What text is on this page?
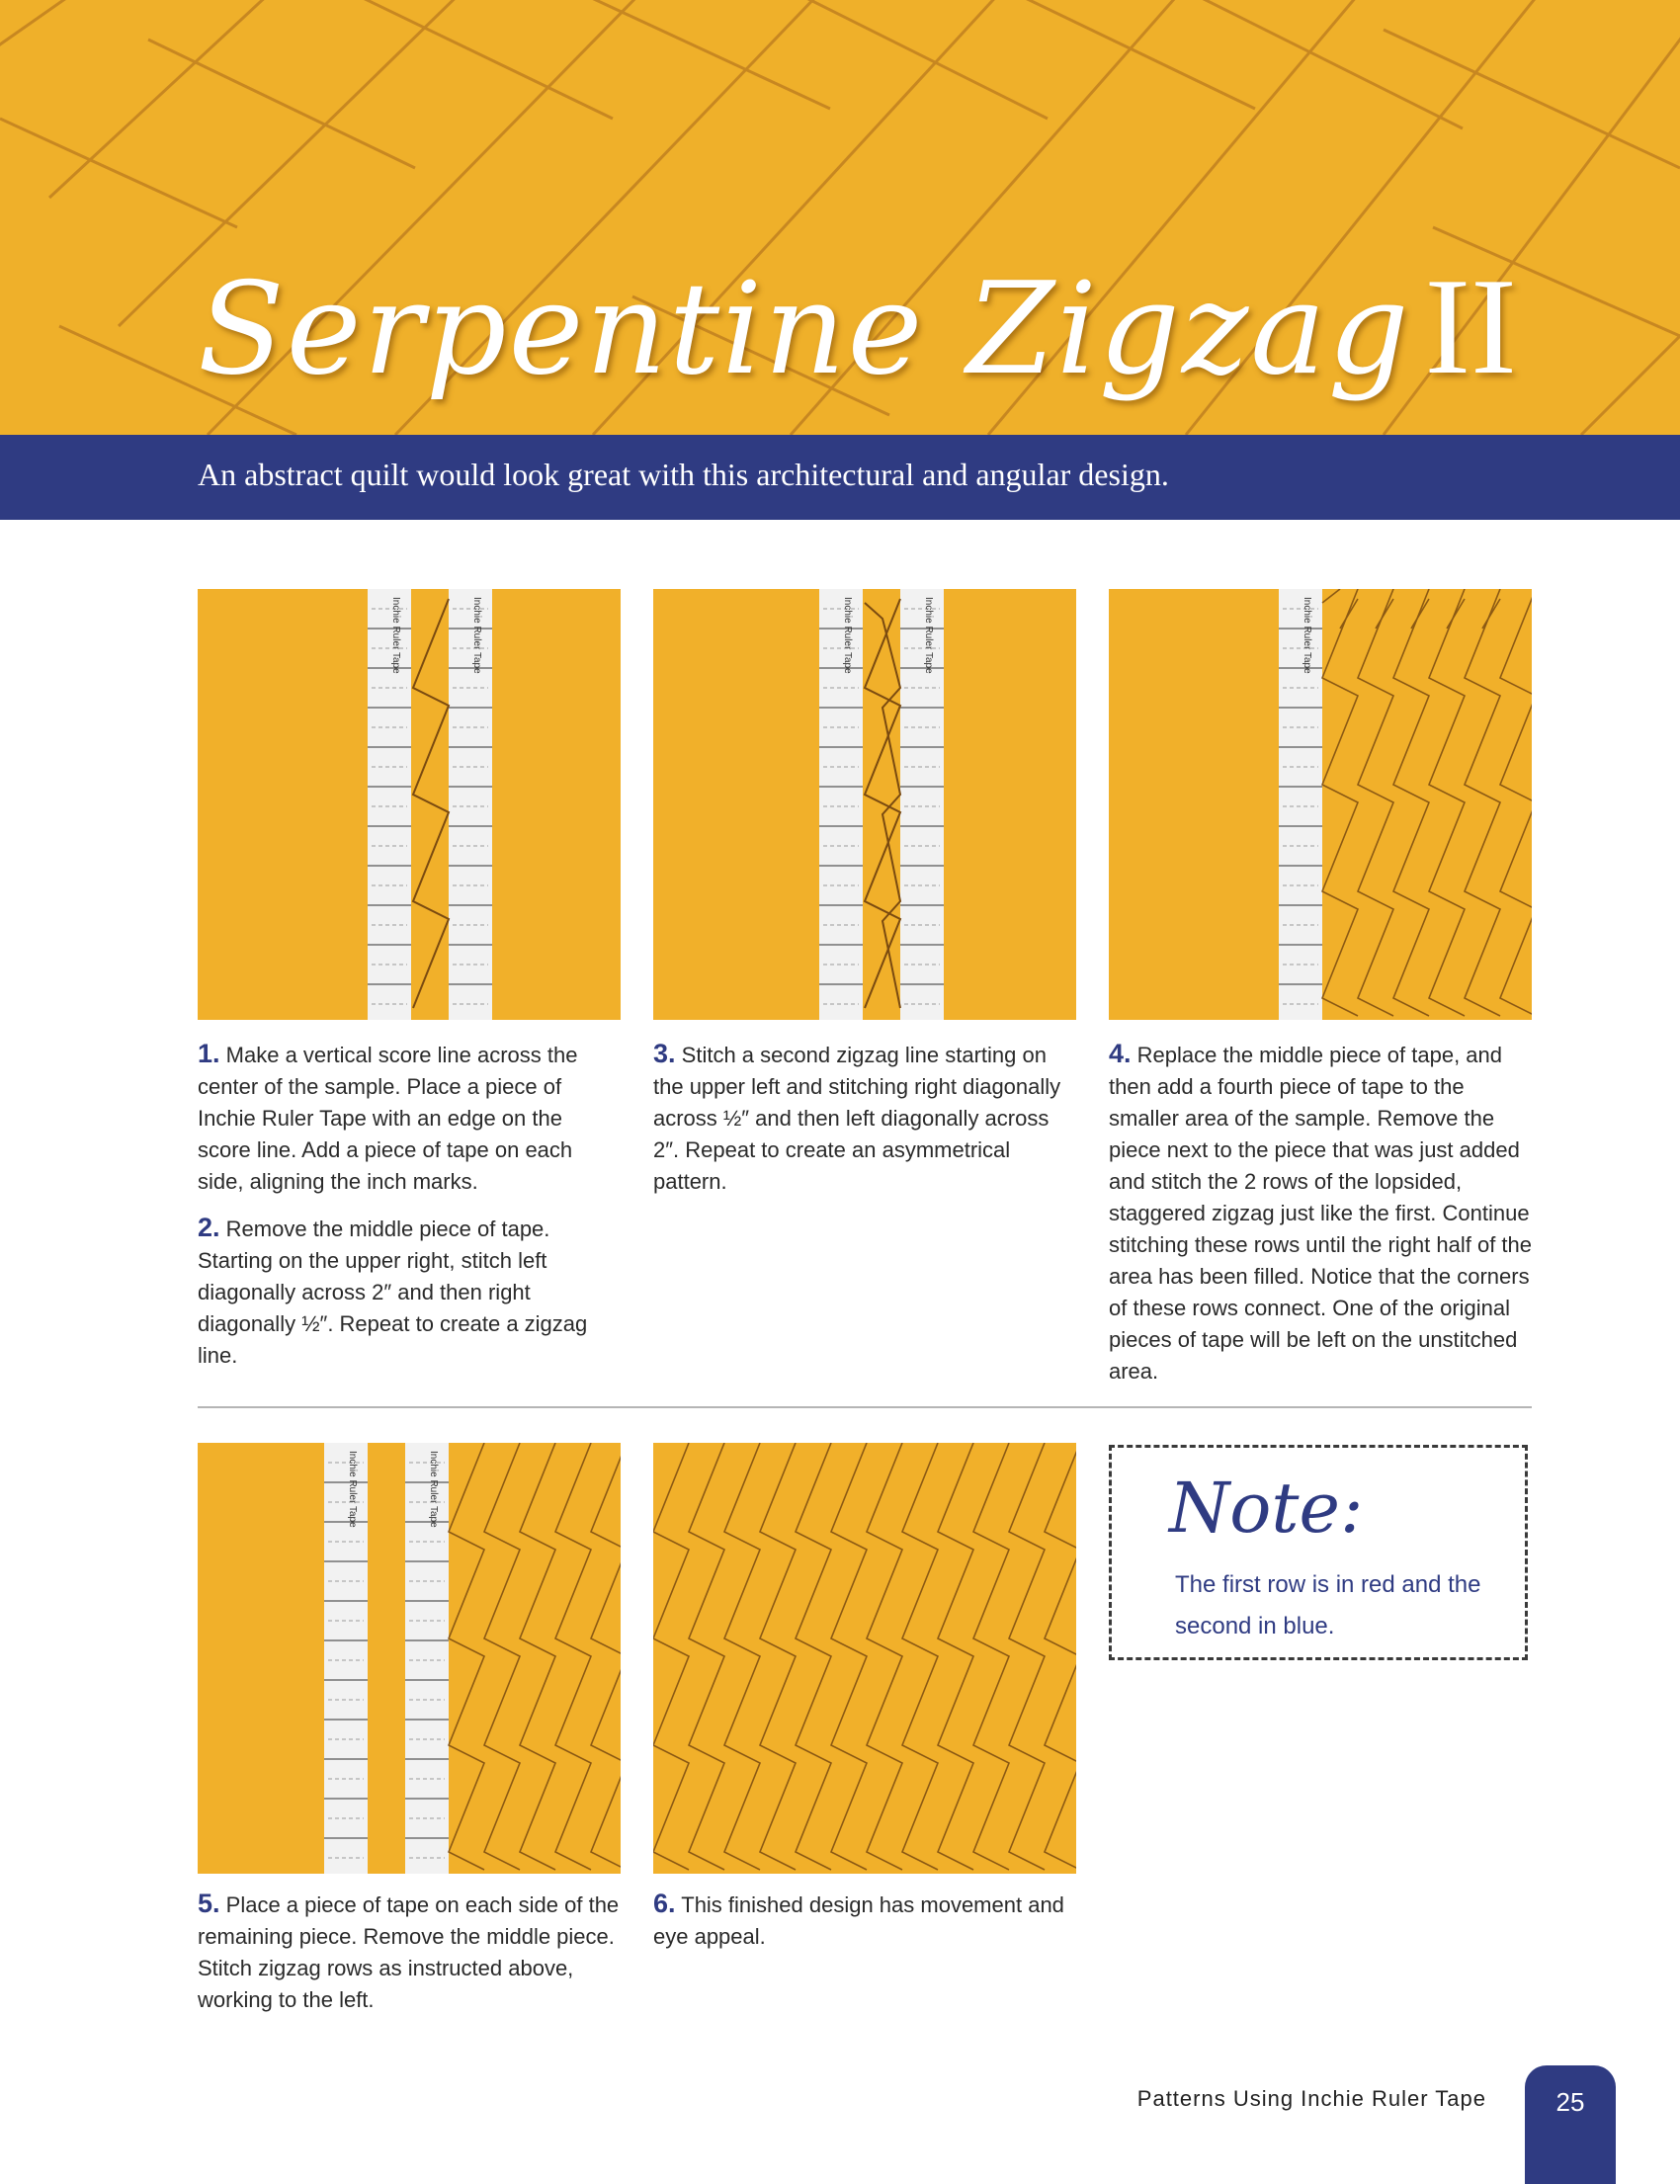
Serpentine Zigzag II
An abstract quilt would look great with this architectural and angular design.
Inchie Ruler Tape	Inchie Ruler Tape	Inchie Ruler Tape	Inchie Ruler Tape	Inchie Ruler Tape

1. Make a vertical score line across the center of the sample. Place a piece of Inchie Ruler Tape with an edge on the score line. Add a piece of tape on each side, aligning the inch marks.

2. Remove the middle piece of tape. Starting on the upper right, stitch left diagonally across 2″ and then right diagonally ½″. Repeat to create a zigzag line.

3. Stitch a second zigzag line starting on the upper left and stitching right diagonally across ½″ and then left diagonally across 2″. Repeat to create an asymmetrical pattern.

4. Replace the middle piece of tape, and then add a fourth piece of tape to the smaller area of the sample. Remove the piece next to the piece that was just added and stitch the 2 rows of the lopsided, staggered zigzag just like the first. Continue stitching these rows until the right half of the area has been filled. Notice that the corners of these rows connect. One of the original pieces of tape will be left on the unstitched area.

Inchie Ruler Tape	Inchie Ruler Tape

5. Place a piece of tape on each side of the remaining piece. Remove the middle piece. Stitch zigzag rows as instructed above, working to the left.

6. This finished design has movement and eye appeal.

Note:
The first row is in red and the second in blue.
Patterns Using Inchie Ruler Tape	25
